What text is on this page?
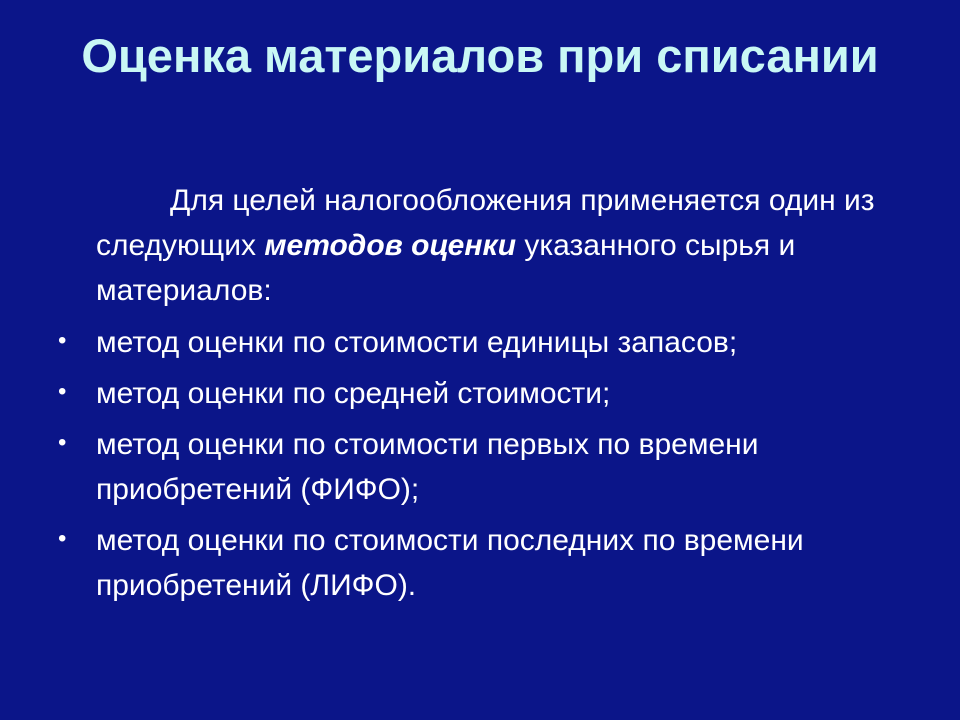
Оценка материалов при списании

Для целей налогообложения применяется один из следующих методов оценки указанного сырья и материалов:

• метод оценки по стоимости единицы запасов;
• метод оценки по средней стоимости;
• метод оценки по стоимости первых по времени приобретений (ФИФО);
• метод оценки по стоимости последних по времени приобретений (ЛИФО).
